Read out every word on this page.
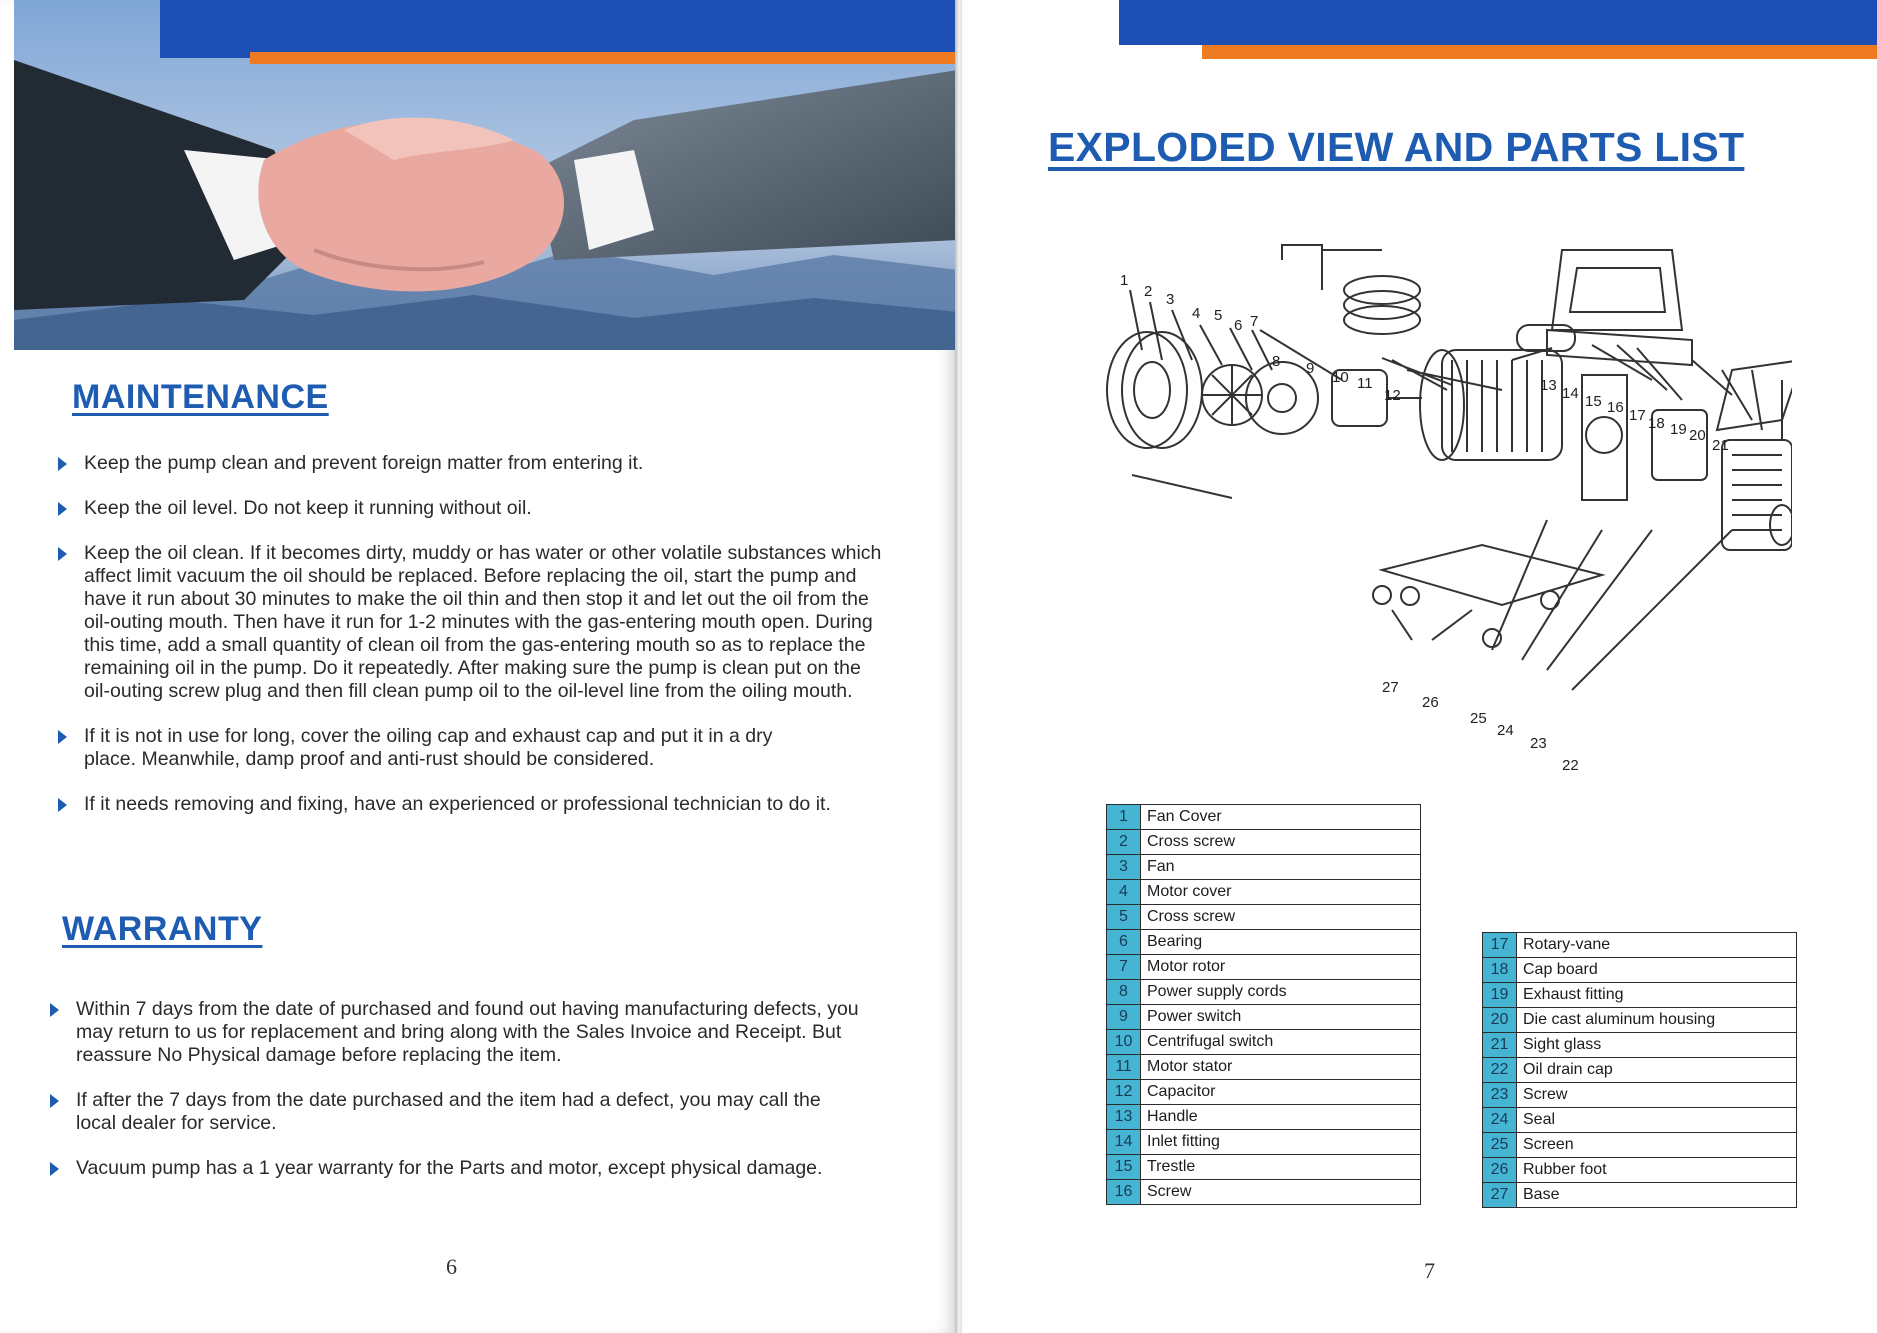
MAINTENANCE
Keep the pump clean and prevent foreign matter from entering it.
Keep the oil level. Do not keep it running without oil.
Keep the oil clean. If it becomes dirty, muddy or has water or other volatile substances which affect limit vacuum the oil should be replaced. Before replacing the oil, start the pump and have it run about 30 minutes to make the oil thin and then stop it and let out the oil from the oil-outing mouth. Then have it run for 1-2 minutes with the gas-entering mouth open. During this time, add a small quantity of clean oil from the gas-entering mouth so as to replace the remaining oil in the pump. Do it repeatedly. After making sure the pump is clean put on the oil-outing screw plug and then fill clean pump oil to the oil-level line from the oiling mouth.
If it is not in use for long, cover the oiling cap and exhaust cap and put it in a dry place. Meanwhile, damp proof and anti-rust should be considered.
If it needs removing and fixing, have an experienced or professional technician to do it.
WARRANTY
Within 7 days from the date of purchased and found out having manufacturing defects, you may return to us for replacement and bring along with the Sales Invoice and Receipt. But reassure No Physical damage before replacing the item.
If after the 7 days from the date purchased and the item had a defect, you may call the local dealer for service.
Vacuum pump has a 1 year warranty for the Parts and motor, except physical damage.
6
EXPLODED VIEW AND PARTS LIST
1
2 3
4 5
6 7
8 9
10 11
12
13 14 15 16 17 18 19 20
21
22
23
24
25
26
27
1	Fan Cover
2	Cross screw
3	Fan
4	Motor cover
5	Cross screw
6	Bearing
7	Motor rotor
8	Power supply cords
9	Power switch
10	Centrifugal switch
11	Motor stator
12	Capacitor
13	Handle
14	Inlet fitting
15	Trestle
16	Screw
17	Rotary-vane
18	Cap board
19	Exhaust fitting
20	Die cast aluminum housing
21	Sight glass
22	Oil drain cap
23	Screw
24	Seal
25	Screen
26	Rubber foot
27	Base
7
